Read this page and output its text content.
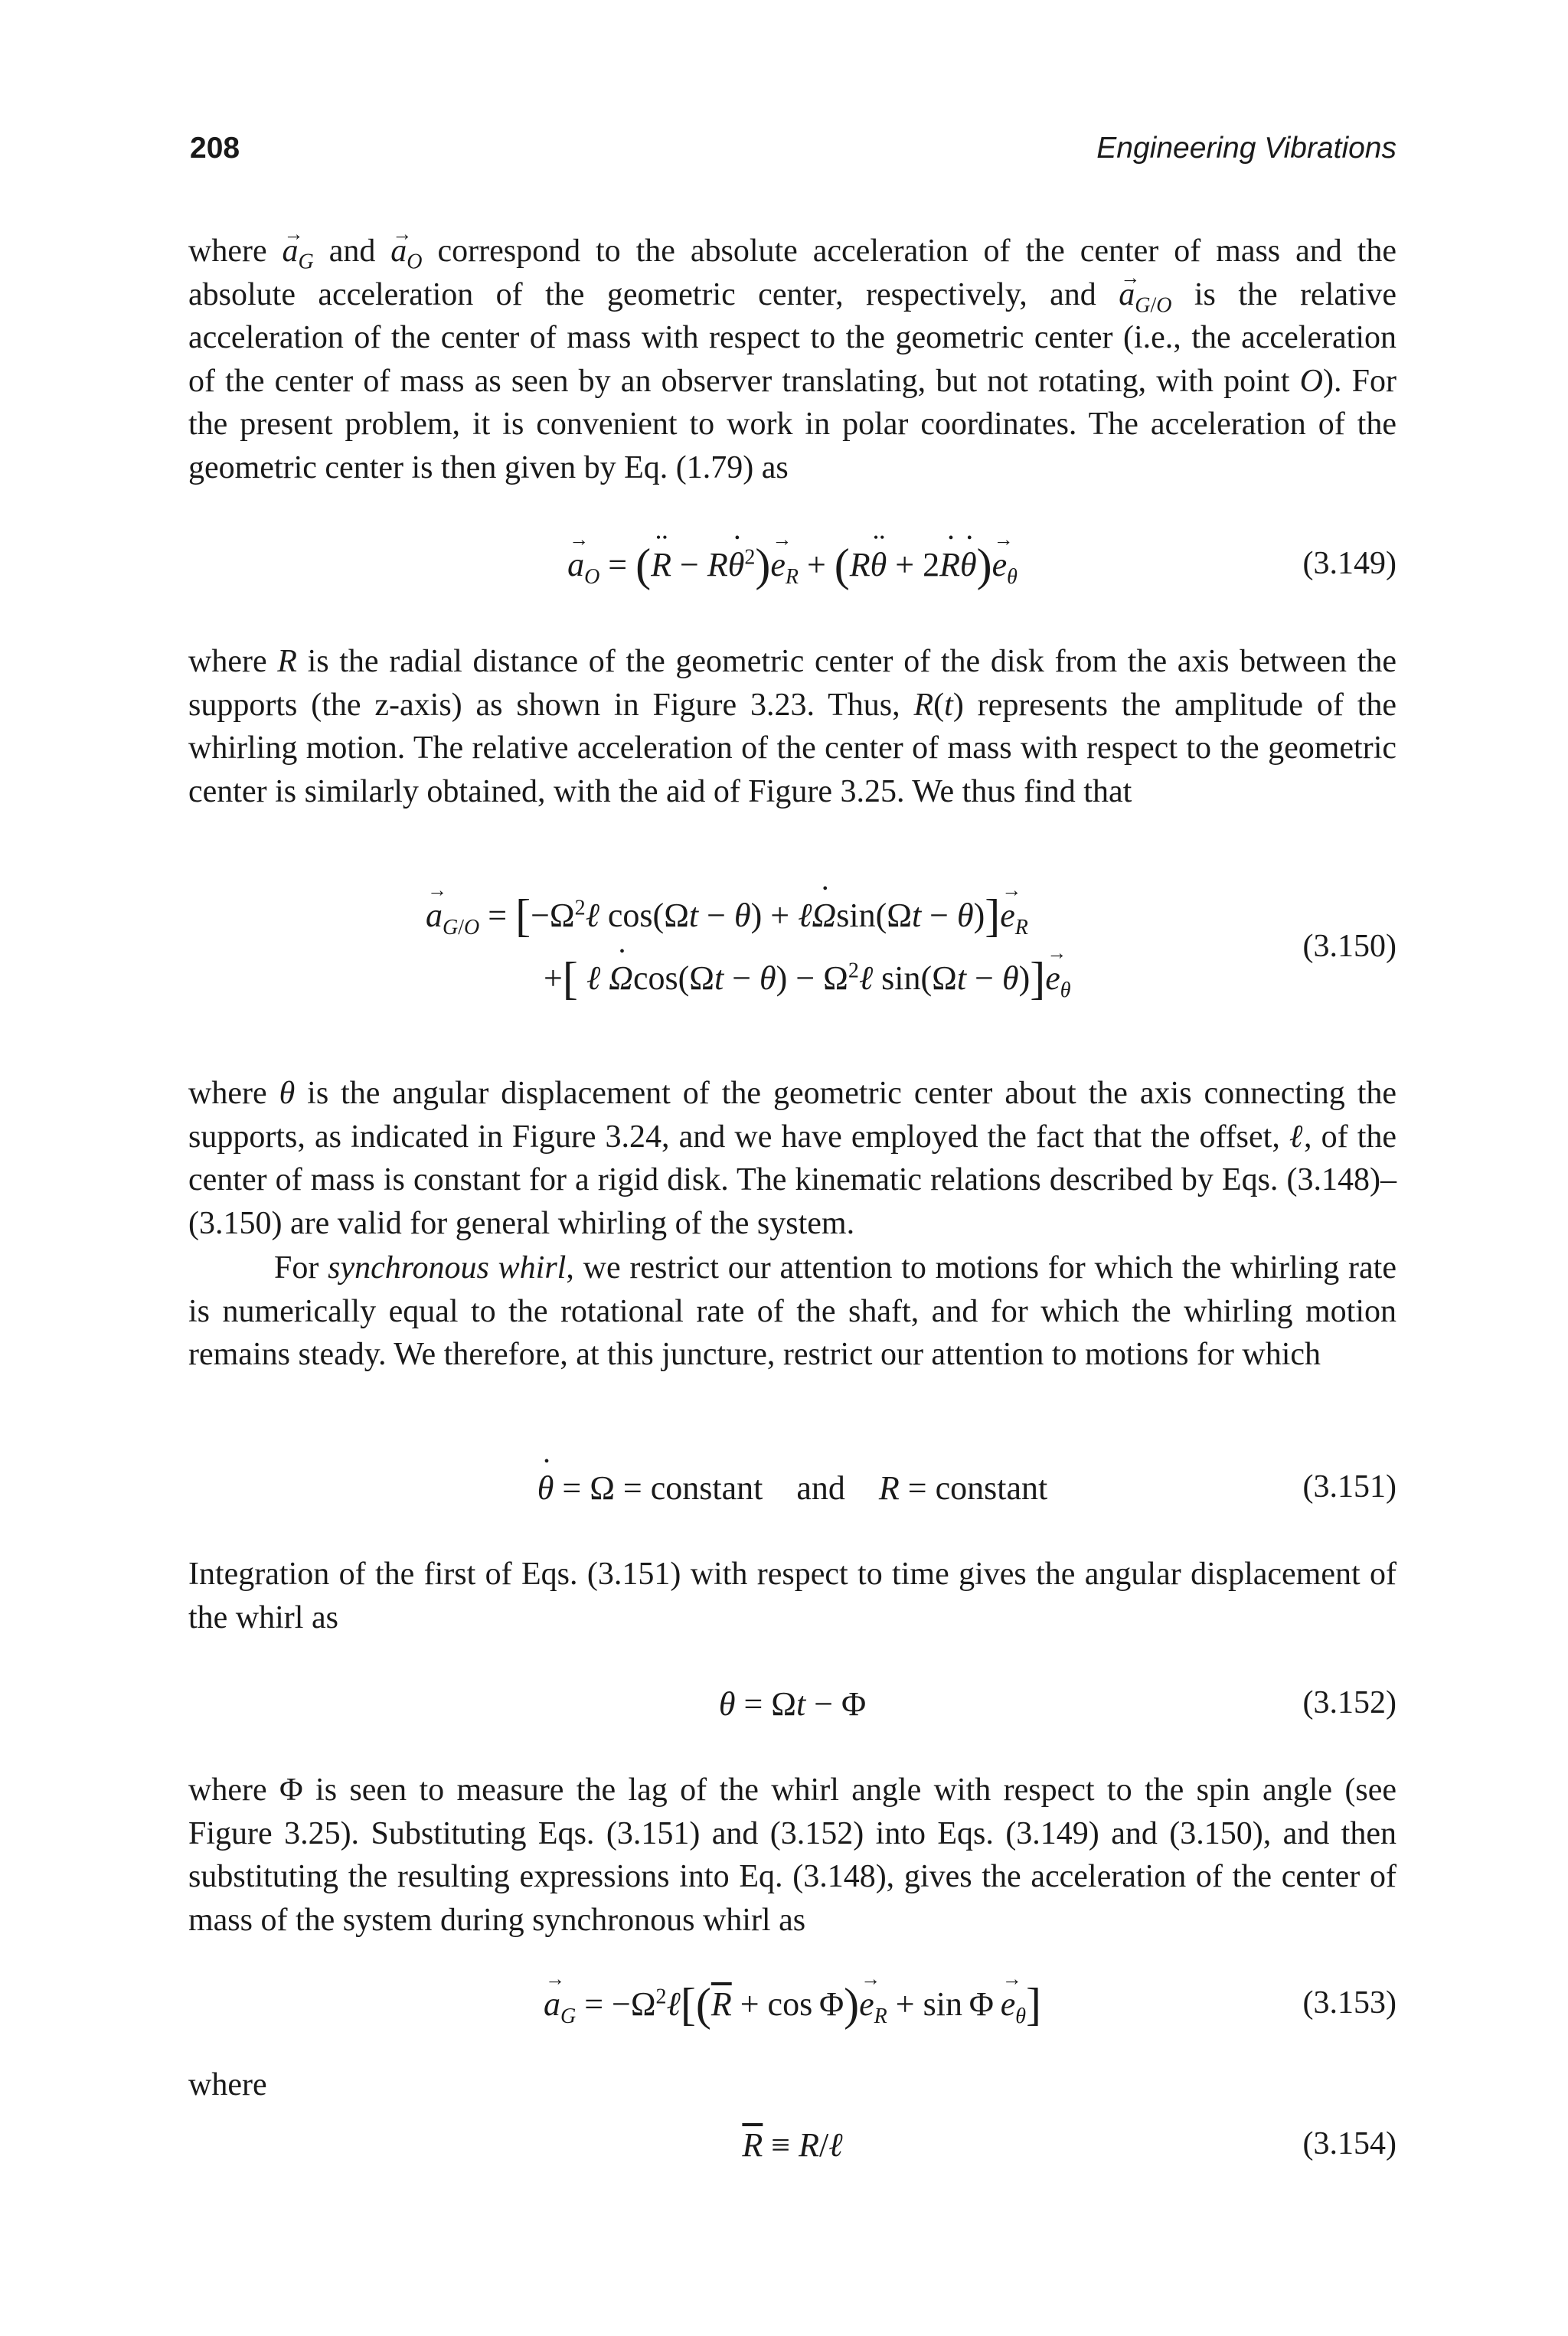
208	Engineering Vibrations

where → $a_G$ and → $a_O$ correspond to the absolute acceleration of the center of mass and the absolute acceleration of the geometric center, respectively, and → $a_{G/O}$ is the relative acceleration of the center of mass with respect to the geometric center (i.e., the acceleration of the center of mass as seen by an observer translating, but not rotating, with point O). For the present problem, it is convenient to work in polar coordinates. The acceleration of the geometric center is then given by Eq. (1.79) as

→ $a_O$ = (•• R − R• $\theta^2)\to e_R$ + (R•• θ + 2• R• $\theta)\to e_\theta$	(3.149)

where R is the radial distance of the geometric center of the disk from the axis between the supports (the z-axis) as shown in Figure 3.23. Thus, R(t) represents the amplitude of the whirling motion. The relative acceleration of the center of mass with respect to the geometric center is similarly obtained, with the aid of Figure 3.25. We thus find that

→ $a_{G/O}$ = [$-\Omega^2\ell$ cos(Ωt − θ) + ℓ• $\Omega\sin(\Omega t - \theta)]\to e_R$
+[ ℓ • $\Omega\cos(\Omega t - \theta) - \Omega^2\ell$ $\sin(\Omega t - \theta)]\to e_\theta$
(3.150)

where θ is the angular displacement of the geometric center about the axis connecting the supports, as indicated in Figure 3.24, and we have employed the fact that the offset, ℓ, of the center of mass is constant for a rigid disk. The kinematic relations described by Eqs. (3.148)–(3.150) are valid for general whirling of the system.

For synchronous whirl, we restrict our attention to motions for which the whirling rate is numerically equal to the rotational rate of the shaft, and for which the whirling motion remains steady. We therefore, at this juncture, restrict our attention to motions for which

• θ = Ω = constant    and    R = constant	(3.151)

Integration of the first of Eqs. (3.151) with respect to time gives the angular displacement of the whirl as

θ = Ωt − Φ	(3.152)

where Φ is seen to measure the lag of the whirl angle with respect to the spin angle (see Figure 3.25). Substituting Eqs. (3.151) and (3.152) into Eqs. (3.149) and (3.150), and then substituting the resulting expressions into Eq. (3.148), gives the acceleration of the center of mass of the system during synchronous whirl as

→ $a_G$ = $-\Omega^2\ell[(\overline{R} + \cos \Phi)\to e_R + \sin \Phi \to e_\theta]$	(3.153)

where

$\overline{R}$ ≡ R/ℓ	(3.154)
